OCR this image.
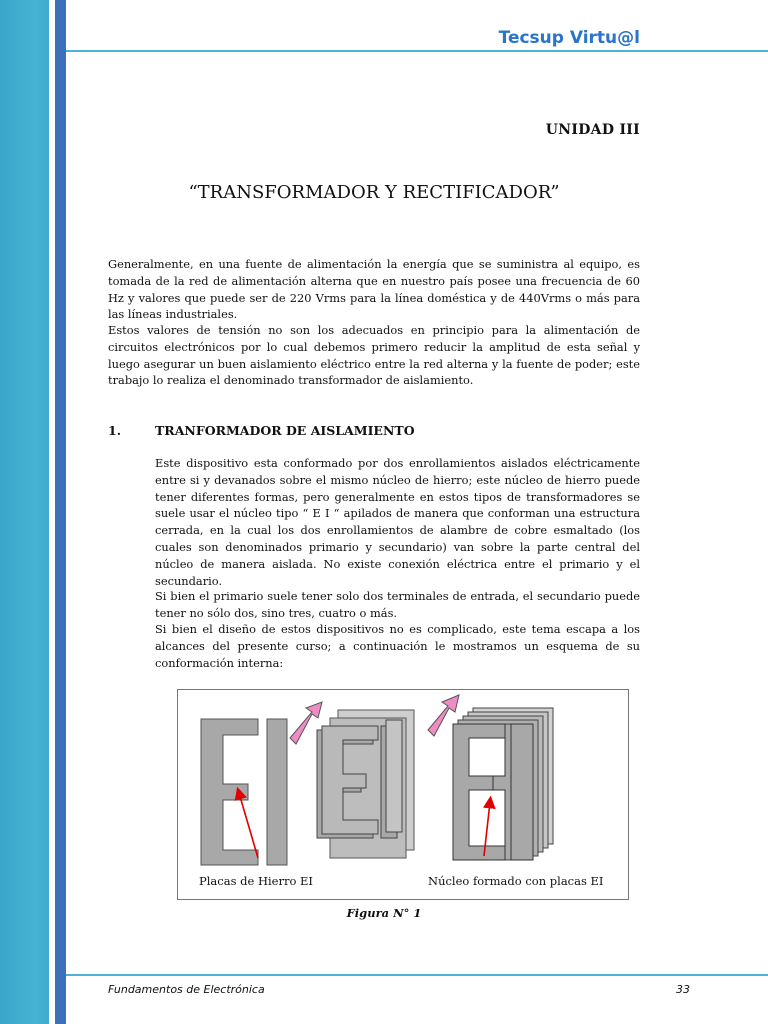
Tecsup Virtu@l
UNIDAD III
“TRANSFORMADOR Y RECTIFICADOR”

Generalmente, en una fuente de alimentación la energía que se suministra al equipo, es tomada de la red de alimentación alterna que en nuestro país posee una frecuencia de 60 Hz y valores que puede ser de 220 Vrms para la línea doméstica y de 440Vrms o más para las líneas industriales.

Estos valores de tensión no son los adecuados en principio para la alimentación de circuitos electrónicos por lo cual debemos primero reducir la amplitud de esta señal y luego asegurar un buen aislamiento eléctrico entre la red alterna y la fuente de poder; este trabajo lo realiza el denominado transformador de aislamiento.

1.	TRANFORMADOR DE AISLAMIENTO

Este dispositivo esta conformado por dos enrollamientos aislados eléctricamente entre si y devanados sobre el mismo núcleo de hierro; este núcleo de hierro puede tener diferentes formas, pero generalmente en estos tipos de transformadores se suele usar el núcleo tipo “ E I “ apilados de manera que conforman una estructura cerrada, en la cual los dos enrollamientos de alambre de cobre esmaltado (los cuales son denominados primario y secundario) van sobre la parte central del núcleo de manera aislada. No existe conexión eléctrica entre el primario y el secundario.

Si bien el primario suele tener solo dos terminales de entrada, el secundario puede tener no sólo dos, sino tres, cuatro o más.

Si bien el diseño de estos dispositivos no es complicado, este tema escapa a los alcances del presente curso; a continuación le mostramos un esquema de su conformación interna:

Placas de Hierro EI	Núcleo formado con placas EI
Figura N° 1
Fundamentos de Electrónica	33
